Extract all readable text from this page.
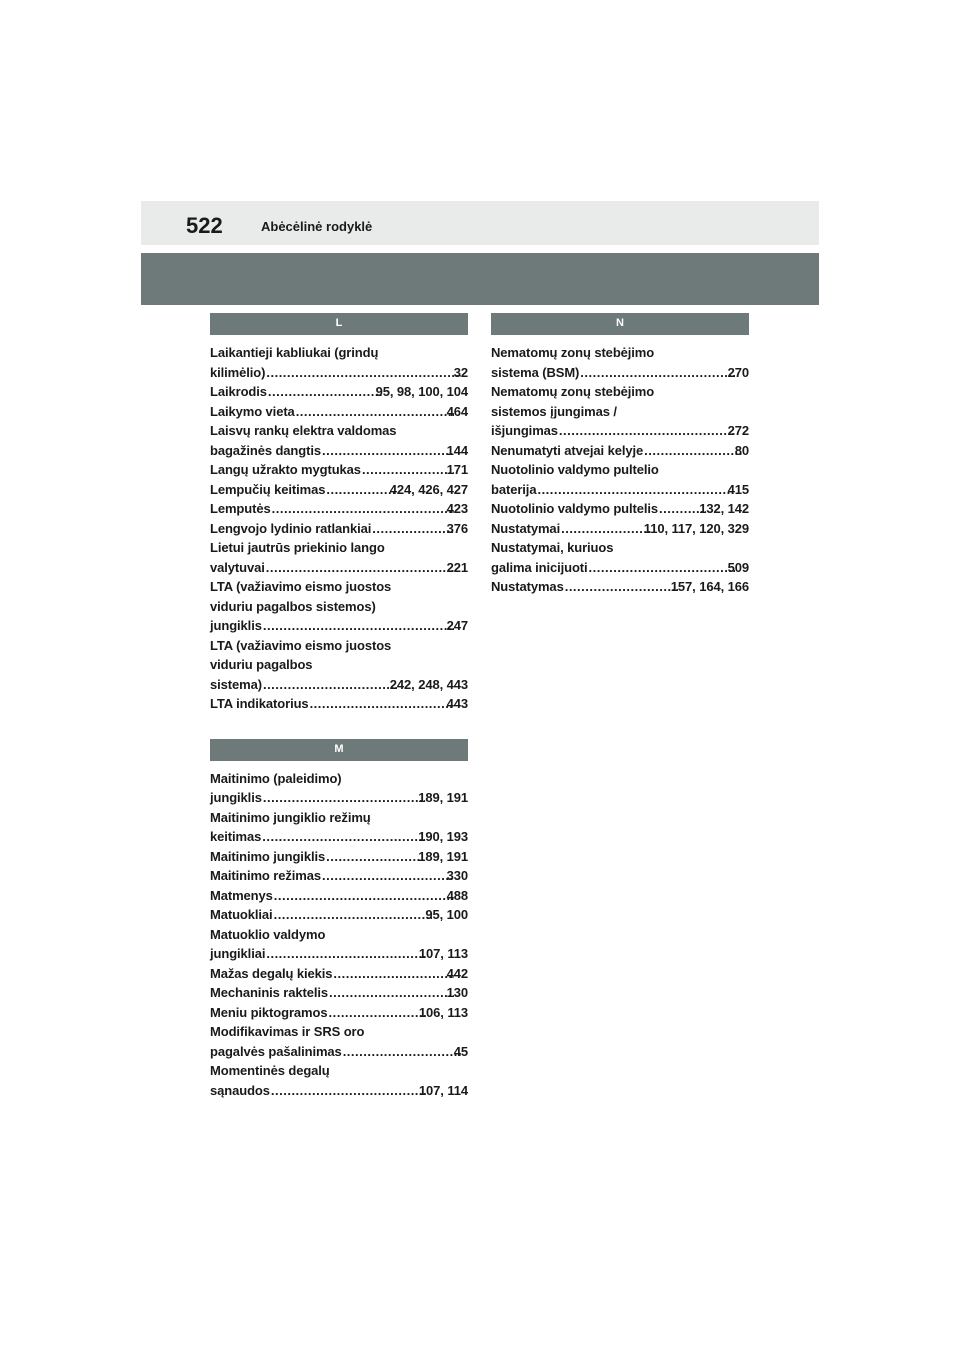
522	Abėcėlinė rodyklė
L
Laikantieji kabliukai (grindų
kilimėlio) .....	32
Laikrodis .....	95, 98, 100, 104
Laikymo vieta .....	464
Laisvų rankų elektra valdomas
bagažinės dangtis .....	144
Langų užrakto mygtukas .....	171
Lempučių keitimas .....	424, 426, 427
Lemputės .....	423
Lengvojo lydinio ratlankiai .....	376
Lietui jautrūs priekinio lango
valytuvai .....	221
LTA (važiavimo eismo juostos
viduriu pagalbos sistemos)
jungiklis .....	247
LTA (važiavimo eismo juostos
viduriu pagalbos
sistema) .....	242, 248, 443
LTA indikatorius .....	443
M
Maitinimo (paleidimo)
jungiklis .....	189, 191
Maitinimo jungiklio režimų
keitimas .....	190, 193
Maitinimo jungiklis .....	189, 191
Maitinimo režimas .....	330
Matmenys .....	488
Matuokliai .....	95, 100
Matuoklio valdymo
jungikliai .....	107, 113
Mažas degalų kiekis .....	442
Mechaninis raktelis .....	130
Meniu piktogramos .....	106, 113
Modifikavimas ir SRS oro
pagalvės pašalinimas .....	45
Momentinės degalų
sąnaudos .....	107, 114
N
Nematomų zonų stebėjimo
sistema (BSM) .....	270
Nematomų zonų stebėjimo
sistemos įjungimas /
išjungimas .....	272
Nenumatyti atvejai kelyje .....	80
Nuotolinio valdymo pultelio
baterija .....	415
Nuotolinio valdymo pultelis .....	132, 142
Nustatymai .....	110, 117, 120, 329
Nustatymai, kuriuos
galima inicijuoti .....	509
Nustatymas .....	157, 164, 166
